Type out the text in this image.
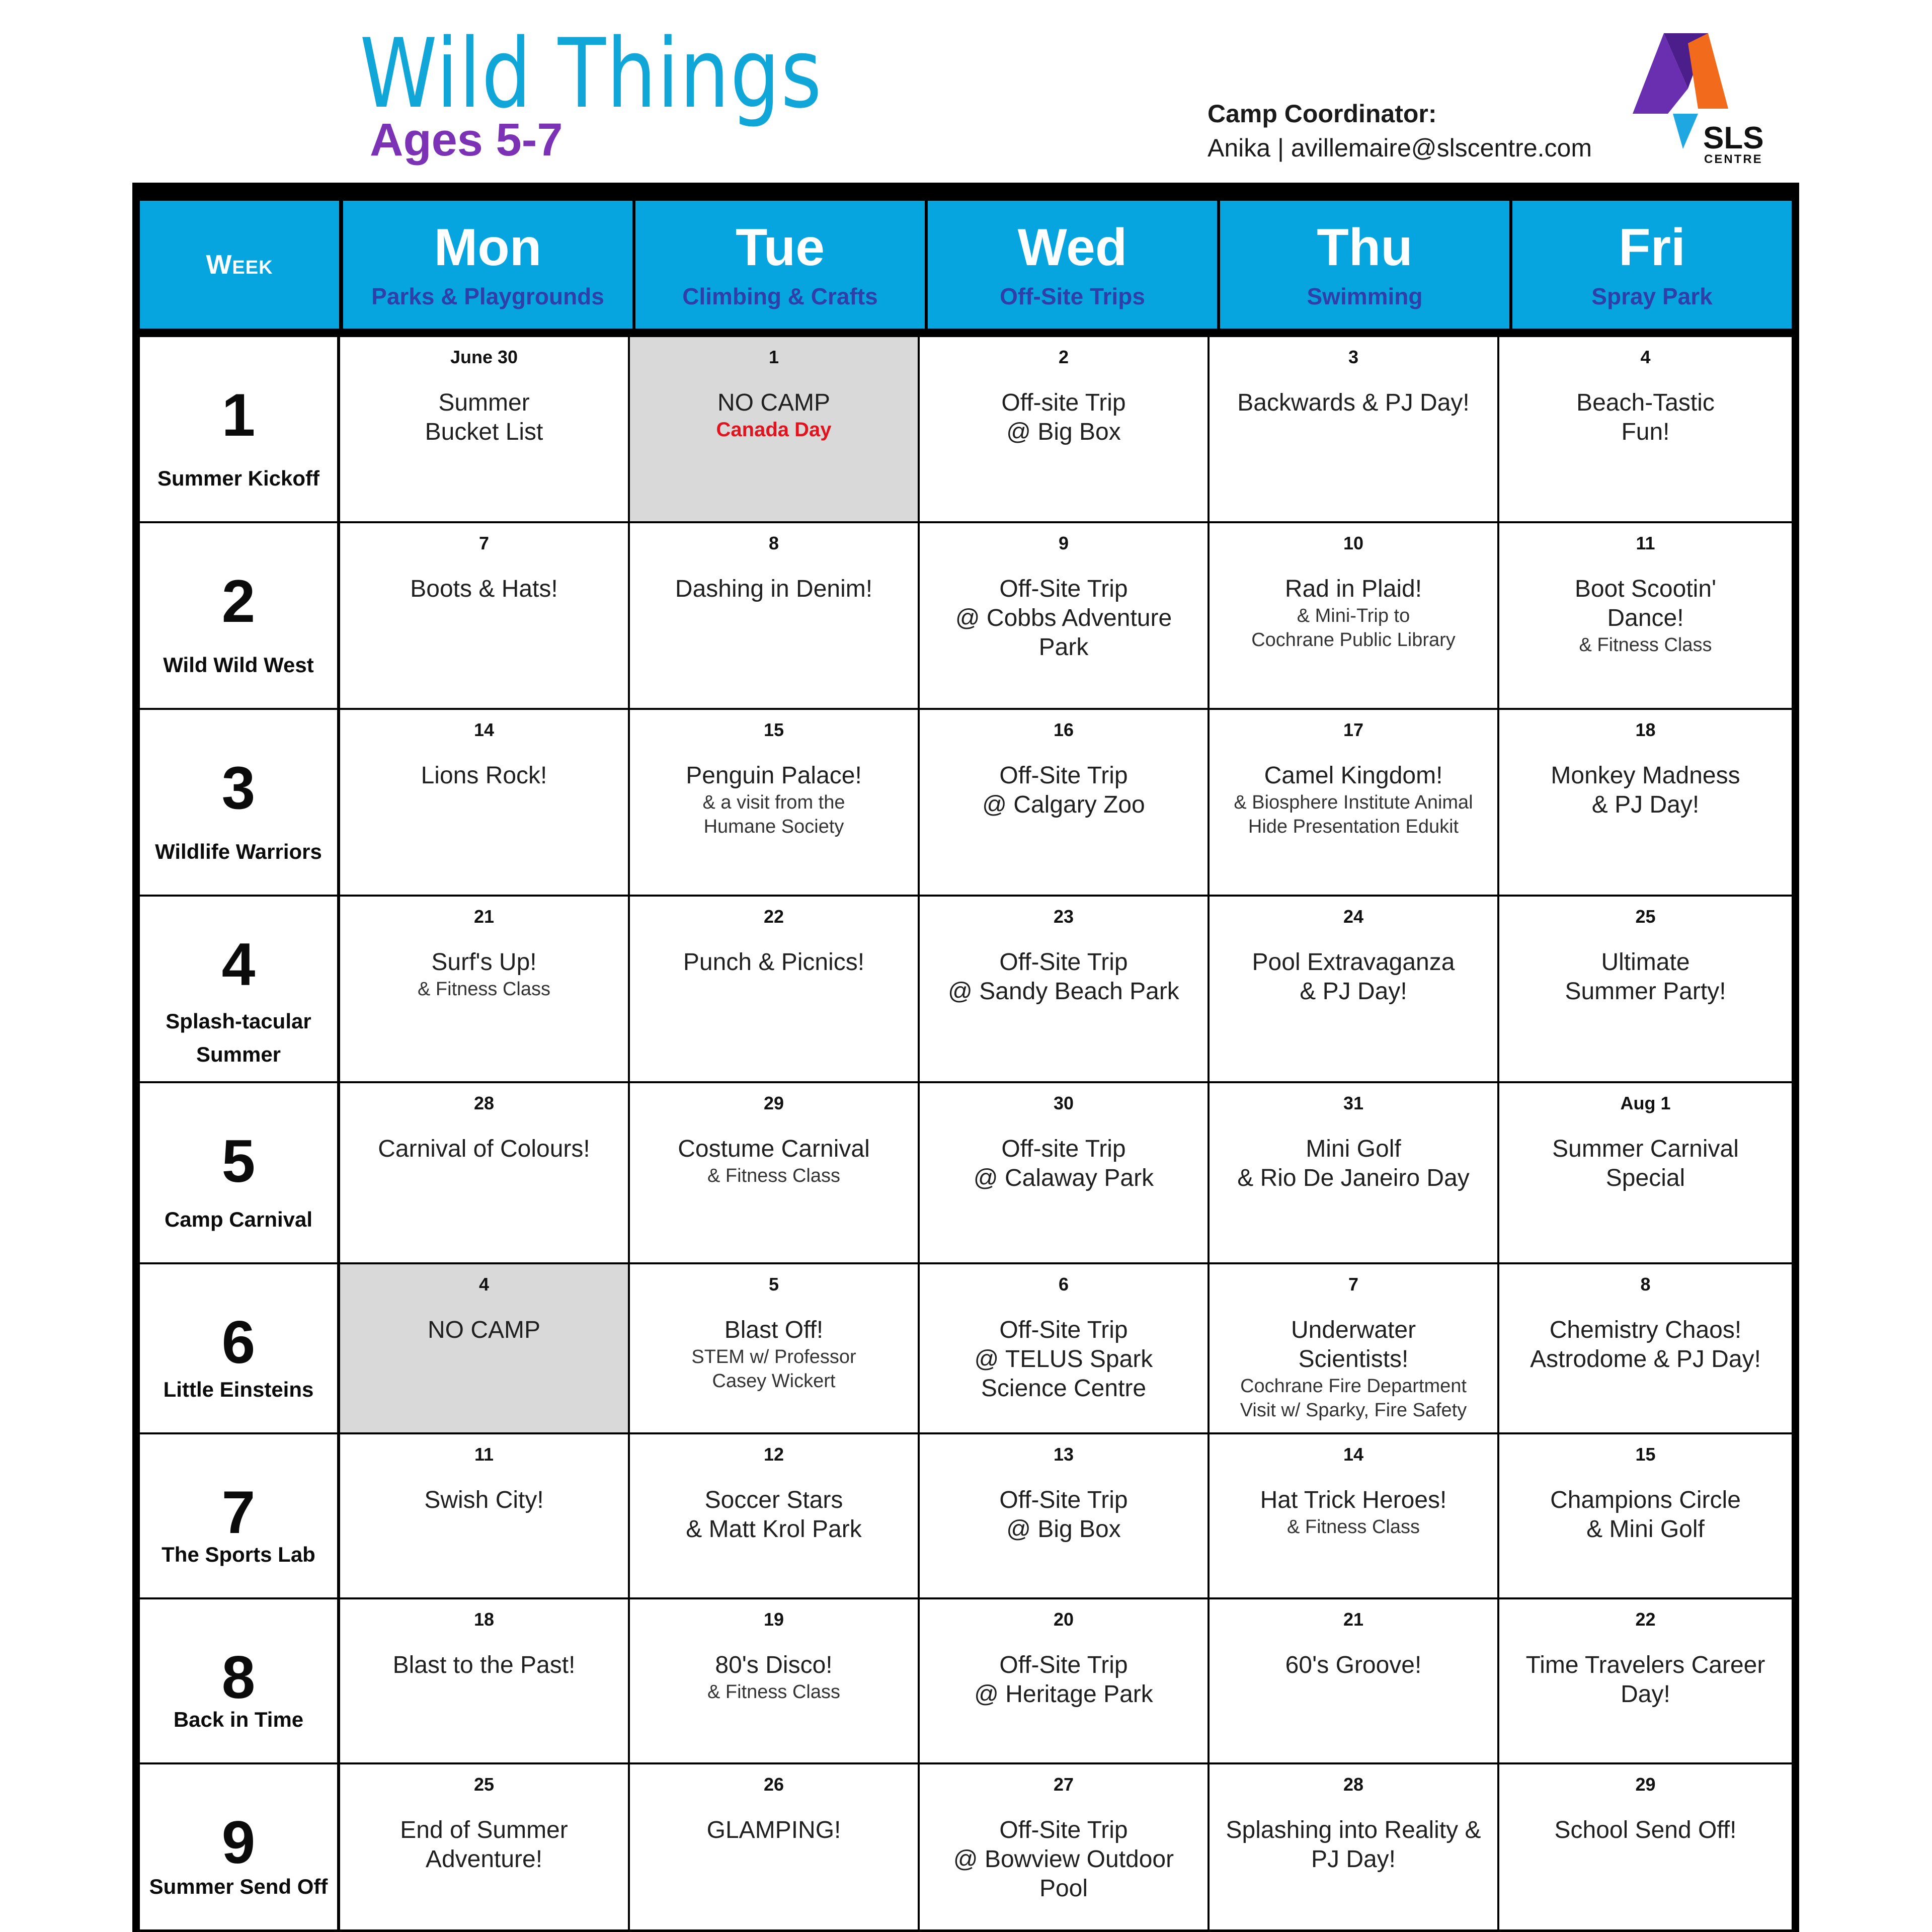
Wild Things
Ages 5-7
Camp Coordinator:
Anika | avillemaire@slscentre.com	SLS
CENTRE
Week	Mon
Parks & Playgrounds
Tue
Climbing & Crafts
Wed
Off-Site Trips
Thu
Swimming
Fri
Spray Park
1
Summer Kickoff
June 30
Summer
Bucket List
1
NO CAMP
Canada Day
2
Off-site Trip
@ Big Box
3
Backwards & PJ Day!
4
Beach-Tastic
Fun!
2
Wild Wild West
7
Boots & Hats!
8
Dashing in Denim!
9
Off-Site Trip
@ Cobbs Adventure
Park
10
Rad in Plaid!
& Mini-Trip to
Cochrane Public Library
11
Boot Scootin'
Dance!
& Fitness Class
3
Wildlife Warriors
14
Lions Rock!
15
Penguin Palace!
& a visit from the
Humane Society
16
Off-Site Trip
@ Calgary Zoo
17
Camel Kingdom!
& Biosphere Institute Animal
Hide Presentation Edukit
18
Monkey Madness
& PJ Day!
4
Splash-tacular Summer
21
Surf's Up!
& Fitness Class
22
Punch & Picnics!
23
Off-Site Trip
@ Sandy Beach Park
24
Pool Extravaganza
& PJ Day!
25
Ultimate
Summer Party!
5
Camp Carnival
28
Carnival of Colours!
29
Costume Carnival
& Fitness Class
30
Off-site Trip
@ Calaway Park
31
Mini Golf
& Rio De Janeiro Day
Aug 1
Summer Carnival
Special
6
Little Einsteins
4
NO CAMP
5
Blast Off!
STEM w/ Professor
Casey Wickert
6
Off-Site Trip
@ TELUS Spark
Science Centre
7
Underwater
Scientists!
Cochrane Fire Department
Visit w/ Sparky, Fire Safety
8
Chemistry Chaos!
Astrodome & PJ Day!
7
The Sports Lab
11
Swish City!
12
Soccer Stars
& Matt Krol Park
13
Off-Site Trip
@ Big Box
14
Hat Trick Heroes!
& Fitness Class
15
Champions Circle
& Mini Golf
8
Back in Time
18
Blast to the Past!
19
80's Disco!
& Fitness Class
20
Off-Site Trip
@ Heritage Park
21
60's Groove!
22
Time Travelers Career
Day!
9
Summer Send Off
25
End of Summer
Adventure!
26
GLAMPING!
27
Off-Site Trip
@ Bowview Outdoor
Pool
28
Splashing into Reality &
PJ Day!
29
School Send Off!
